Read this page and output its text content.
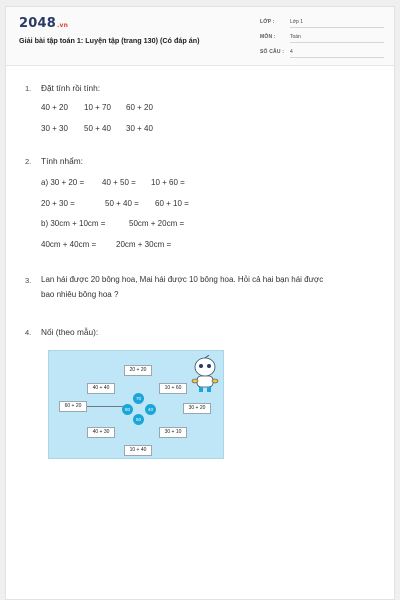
2048.vn
Giải bài tập toán 1: Luyện tập (trang 130) (Có đáp án)
LỚP :	Lớp 1
MÔN :	Toán
SỐ CÂU : 4
1. Đặt tính rồi tính:
40 + 20 10 + 70 60 + 20
30 + 30 50 + 40 30 + 40
2. Tính nhẩm:
a) 30 + 20 = 40 + 50 = 10 + 60 =
20 + 30 =	50 + 40 = 60 + 10 =
b) 30cm + 10cm =	50cm + 20cm =
40cm + 40cm = 20cm + 30cm =
3. Lan hái được 20 bông hoa, Mai hái được 10 bông hoa. Hỏi cả hai bạn hái được
bao nhiêu bông hoa ?
4. Nối (theo mẫu):
20 + 20
40 + 40	10 + 60
60 + 20	30 + 20
40 + 30	30 + 10
10 + 40
70
80	40
50
